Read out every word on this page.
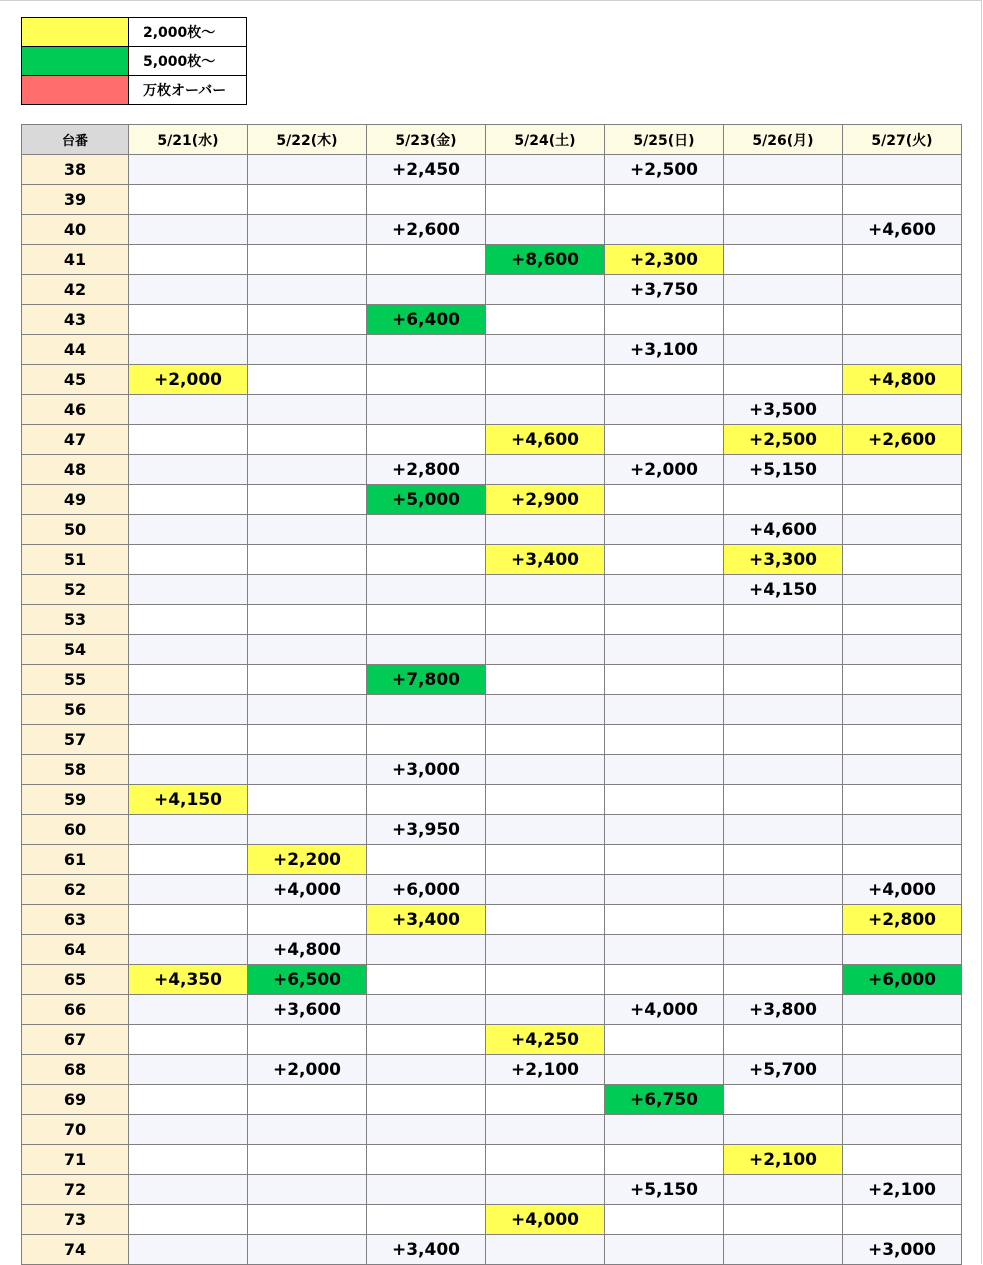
	2,000枚〜
	5,000枚〜
	万枚オーバー
台番	5/21(水)	5/22(木)	5/23(金)	5/24(土)	5/25(日)	5/26(月)	5/27(火)
38			+2,450		+2,500		
39							
40			+2,600				+4,600
41				+8,600	+2,300		
42					+3,750		
43			+6,400				
44					+3,100		
45	+2,000						+4,800
46						+3,500	
47				+4,600		+2,500	+2,600
48			+2,800		+2,000	+5,150	
49			+5,000	+2,900			
50						+4,600	
51				+3,400		+3,300	
52						+4,150	
53							
54							
55			+7,800				
56							
57							
58			+3,000				
59	+4,150						
60			+3,950				
61		+2,200					
62		+4,000	+6,000				+4,000
63			+3,400				+2,800
64		+4,800					
65	+4,350	+6,500					+6,000
66		+3,600			+4,000	+3,800	
67				+4,250			
68		+2,000		+2,100		+5,700	
69					+6,750		
70							
71						+2,100	
72					+5,150		+2,100
73				+4,000			
74			+3,400				+3,000
